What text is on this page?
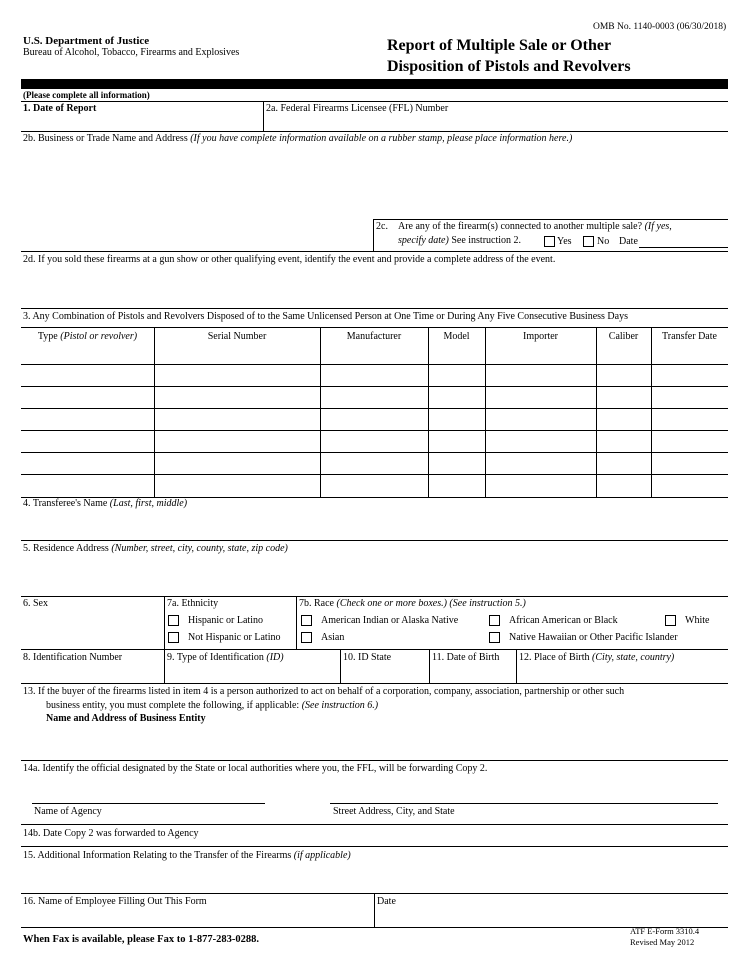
OMB No. 1140-0003 (06/30/2018)
U.S. Department of Justice
Bureau of Alcohol, Tobacco, Firearms and Explosives	Report of Multiple Sale or Other
Disposition of Pistols and Revolvers
(Please complete all information)
1. Date of Report	2a. Federal Firearms Licensee (FFL) Number
2b. Business or Trade Name and Address (If you have complete information available on a rubber stamp, please place information here.)
2c. Are any of the firearm(s) connected to another multiple sale? (If yes,
specify date) See instruction 2.	Yes	No Date
2d. If you sold these firearms at a gun show or other qualifying event, identify the event and provide a complete address of the event.
3. Any Combination of Pistols and Revolvers Disposed of to the Same Unlicensed Person at One Time or During Any Five Consecutive Business Days
Type (Pistol or revolver)	Serial Number	Manufacturer	Model	Importer	Caliber	Transfer Date
4. Transferee's Name (Last, first, middle)
5. Residence Address (Number, street, city, county, state, zip code)
6. Sex	7a. Ethnicity
Hispanic or Latino
Not Hispanic or Latino
7b. Race (Check one or more boxes.) (See instruction 5.)
American Indian or Alaska Native	African American or Black	White
Asian	Native Hawaiian or Other Pacific Islander
8. Identification Number	9. Type of Identification (ID)	10. ID State	11. Date of Birth 12. Place of Birth (City, state, country)
13. If the buyer of the firearms listed in item 4 is a person authorized to act on behalf of a corporation, company, association, partnership or other such
business entity, you must complete the following, if applicable: (See instruction 6.)
Name and Address of Business Entity
14a. Identify the official designated by the State or local authorities where you, the FFL, will be forwarding Copy 2.
Name of Agency	Street Address, City, and State
14b. Date Copy 2 was forwarded to Agency
15. Additional Information Relating to the Transfer of the Firearms (if applicable)
16. Name of Employee Filling Out This Form	Date
When Fax is available, please Fax to 1-877-283-0288.
ATF E-Form 3310.4
Revised May 2012
